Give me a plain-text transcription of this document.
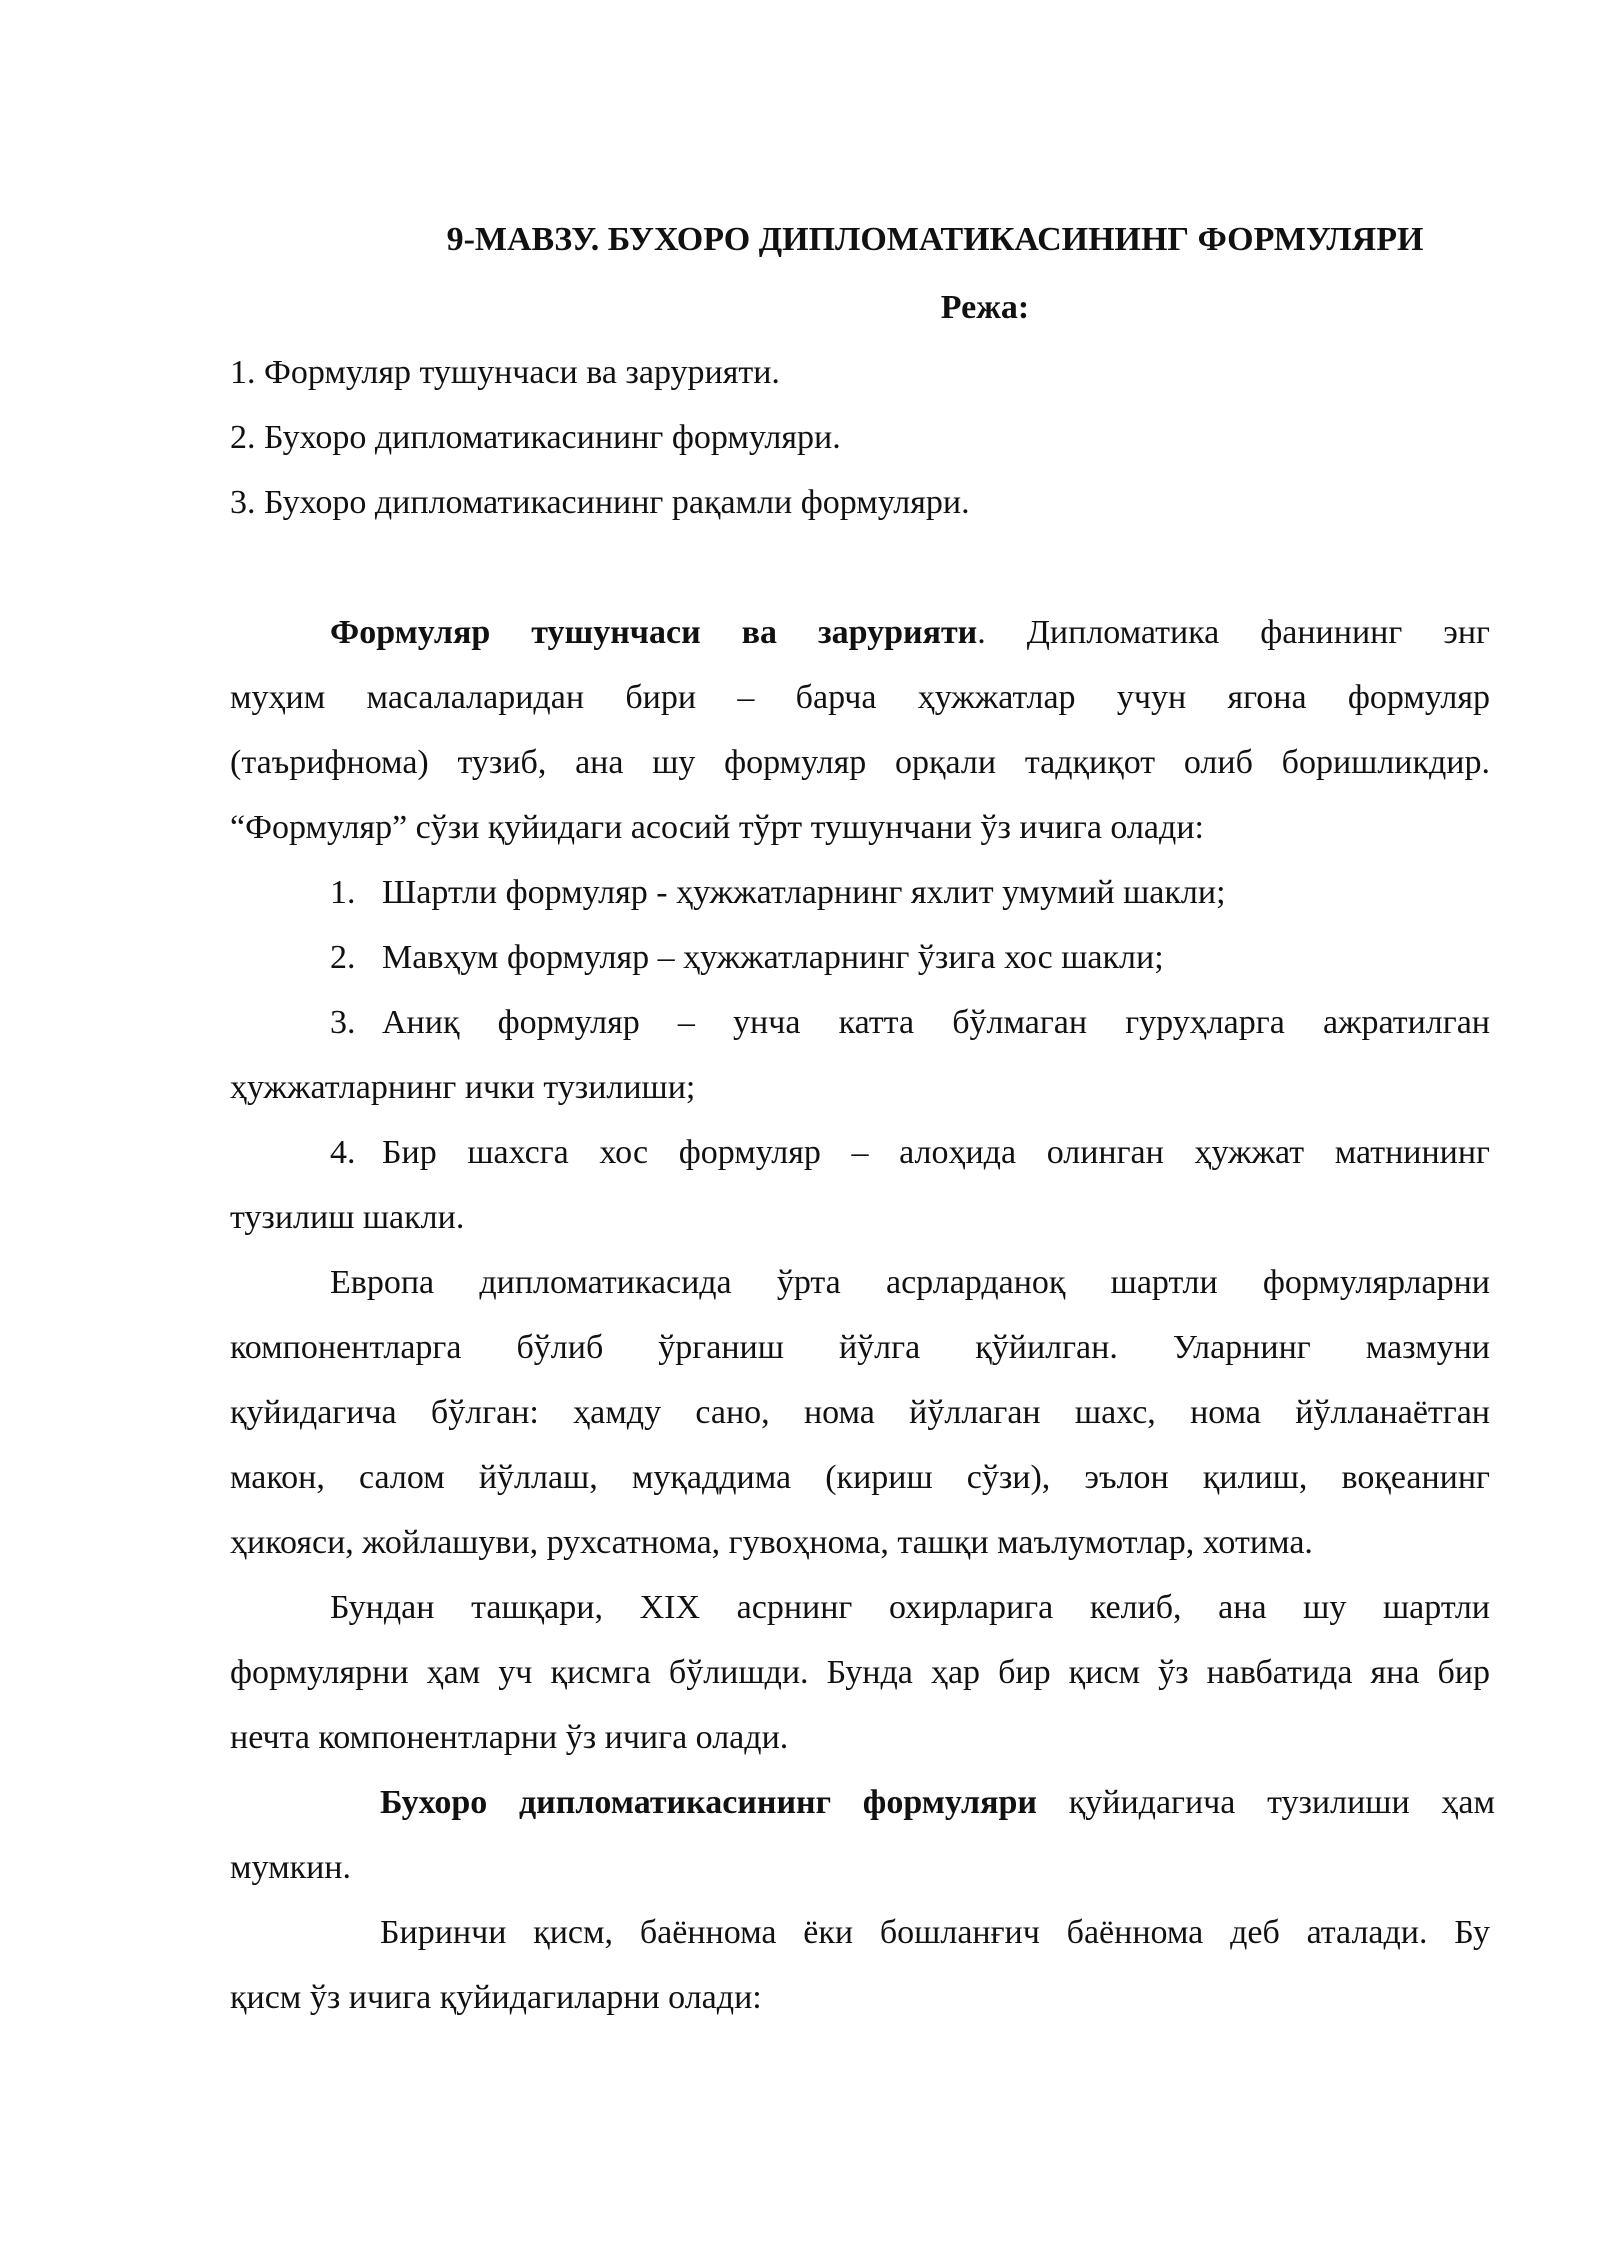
9-МАВЗУ. БУХОРО ДИПЛОМАТИКАСИНИНГ ФОРМУЛЯРИ
Режа:
1. Формуляр тушунчаси ва зарурияти.
2. Бухоро дипломатикасининг формуляри.
3. Бухоро дипломатикасининг рақамли формуляри.
Формуляр тушунчаси ва зарурияти. Дипломатика фанининг энг
муҳим масалаларидан бири – барча ҳужжатлар учун ягона формуляр
(таърифнома) тузиб, ана шу формуляр орқали тадқиқот олиб боришликдир.
“Формуляр” сўзи қуйидаги асосий тўрт тушунчани ўз ичига олади:
1. Шартли формуляр - ҳужжатларнинг яхлит умумий шакли;
2. Мавҳум формуляр – ҳужжатларнинг ўзига хос шакли;
3. Аниқ формуляр – унча катта бўлмаган гуруҳларга ажратилган
ҳужжатларнинг ички тузилиши;
4. Бир шахсга хос формуляр – алоҳида олинган ҳужжат матнининг
тузилиш шакли.
Европа дипломатикасида ўрта асрларданоқ шартли формулярларни
компонентларга бўлиб ўрганиш йўлга қўйилган. Уларнинг мазмуни
қуйидагича бўлган: ҳамду сано, нома йўллаган шахс, нома йўлланаётган
макон, салом йўллаш, муқаддима (кириш сўзи), эълон қилиш, воқеанинг
ҳикояси, жойлашуви, рухсатнома, гувоҳнома, ташқи маълумотлар, хотима.
Бундан ташқари, XIX асрнинг охирларига келиб, ана шу шартли
формулярни ҳам уч қисмга бўлишди. Бунда ҳар бир қисм ўз навбатида яна бир
нечта компонентларни ўз ичига олади.
Бухоро дипломатикасининг формуляри қуйидагича тузилиши ҳам
мумкин.
Биринчи қисм, баённома ёки бошланғич баённома деб аталади. Бу
қисм ўз ичига қуйидагиларни олади:
